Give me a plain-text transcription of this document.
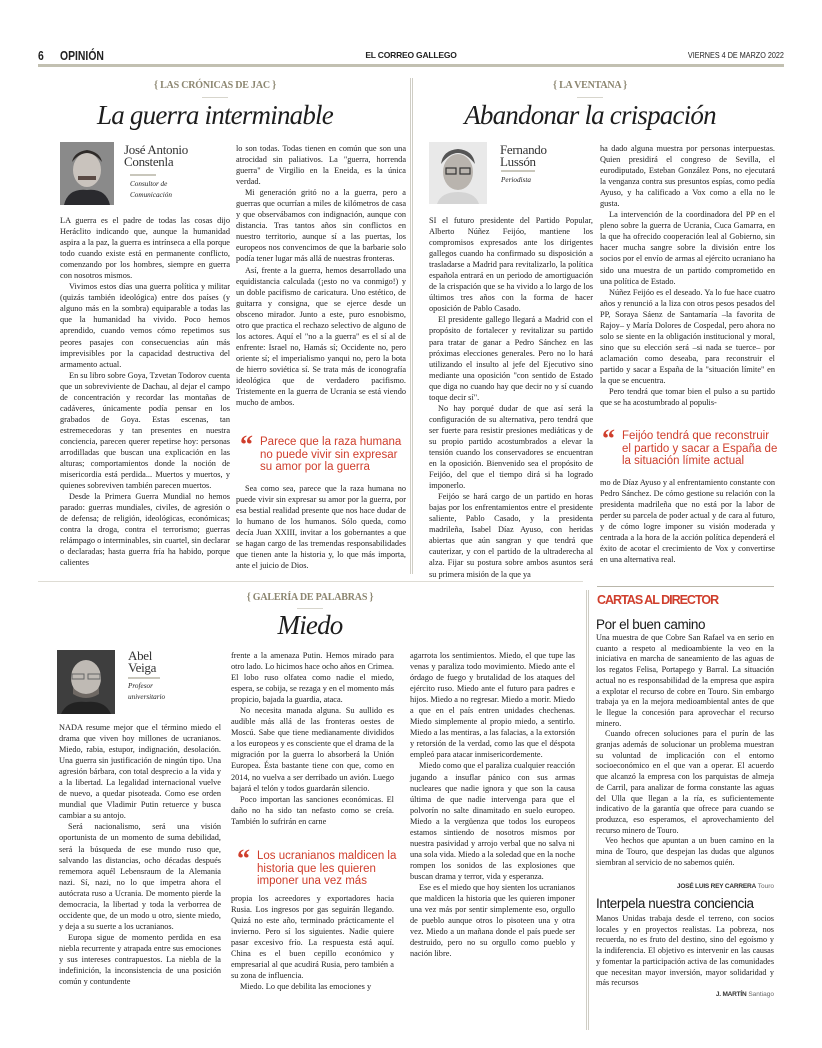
6 OPINIÓN	EL CORREO GALLEGO	VIERNES 4 DE MARZO 2022
{ LAS CRÓNICAS DE JAC }
La guerra interminable
José Antonio
Constenla
Consultor de
Comunicación

LA guerra es el padre de todas las cosas dijo Heráclito indicando que, aunque la humanidad aspira a la paz, la guerra es intrínseca a ella porque todo cuando existe está en permanente conflicto, comenzando por los hombres, siempre en guerra con nosotros mismos.

Vivimos estos días una guerra política y militar (quizás también ideológica) entre dos países (y alguno más en la sombra) equiparable a todas las que la humanidad ha vivido. Poco hemos aprendido, cuando vemos cómo repetimos sus peores pasajes con consecuencias aún más imprevisibles por la capacidad destructiva del armamento actual.

En su libro sobre Goya, Tzvetan Todorov cuenta que un sobreviviente de Dachau, al dejar el campo de concentración y recordar las montañas de cadáveres, únicamente podía pensar en los grabados de Goya. Estas escenas, tan estremecedoras y tan presentes en nuestra conciencia, parecen querer repetirse hoy: personas arrodilladas que buscan una explicación en las alturas; comportamientos donde la noción de misericordia está perdida... Muertos y muertos, y quienes sobreviven también parecen muertos.

Desde la Primera Guerra Mundial no hemos parado: guerras mundiales, civiles, de agresión o de defensa; de religión, ideológicas, económicas; contra la droga, contra el terrorismo; guerras relámpago o interminables, sin cuartel, sin declarar o declaradas; hasta guerra fría ha habido, porque calientes

lo son todas. Todas tienen en común que son una atrocidad sin paliativos. La "guerra, horrenda guerra" de Virgilio en la Eneida, es la única verdad.

Mi generación gritó no a la guerra, pero a guerras que ocurrían a miles de kilómetros de casa y que observábamos con indignación, aunque con distancia. Tras tantos años sin conflictos en nuestro territorio, aunque sí a las puertas, los europeos nos convencimos de que la barbarie solo podía tener lugar más allá de nuestras fronteras.

Así, frente a la guerra, hemos desarrollado una equidistancia calculada (¡esto no va conmigo!) y un doble pacifismo de caricatura. Uno estético, de guitarra y consigna, que se ejerce desde un obsceno mirador. Junto a este, puro esnobismo, otro que practica el rechazo selectivo de alguno de los actores. Aquí el "no a la guerra" es el sí al de enfrente: Israel no, Hamás sí; Occidente no, pero oriente sí; el imperialismo yanqui no, pero la bota de hierro soviética sí. Se trata más de iconografía ideológica que de verdadero pacifismo. Tristemente en la guerra de Ucrania se está viendo mucho de ambos.

“ Parece que la raza humana no puede vivir sin expresar su amor por la guerra

Sea como sea, parece que la raza humana no puede vivir sin expresar su amor por la guerra, por esa bestial realidad presente que nos hace dudar de lo humano de los humanos. Sólo queda, como decía Juan XXIII, invitar a los gobernantes a que se hagan cargo de las tremendas responsabilidades que tienen ante la historia y, lo que más importa, ante el juicio de Dios.

{ LA VENTANA }
Abandonar la crispación
Fernando
Lussón
Periodista

SI el futuro presidente del Partido Popular, Alberto Núñez Feijóo, mantiene los compromisos expresados ante los dirigentes gallegos cuando ha confirmado su disposición a trasladarse a Madrid para revitalizarlo, la política española entrará en un periodo de amortiguación de la crispación que se ha vivido a lo largo de los últimos tres años con la forma de hacer oposición de Pablo Casado.

El presidente gallego llegará a Madrid con el propósito de fortalecer y revitalizar su partido para tratar de ganar a Pedro Sánchez en las próximas elecciones generales. Pero no lo hará utilizando el insulto al jefe del Ejecutivo sino mediante una oposición "con sentido de Estado que diga no cuando hay que decir no y sí cuando toque decir sí".

No hay porqué dudar de que así será la configuración de su alternativa, pero tendrá que ser fuerte para resistir presiones mediáticas y de su propio partido acostumbrados a elevar la tensión cuando los conservadores se encuentran en la oposición. Bienvenido sea el propósito de Feijóo, del que el tiempo dirá si ha logrado imponerlo.

Feijóo se hará cargo de un partido en horas bajas por los enfrentamientos entre el presidente saliente, Pablo Casado, y la presidenta madrileña, Isabel Díaz Ayuso, con heridas abiertas que aún sangran y que tendrá que cauterizar, y con el partido de la ultraderecha al alza. Fijar su postura sobre ambos asuntos será su primera misión de la que ya

ha dado alguna muestra por personas interpuestas. Quien presidirá el congreso de Sevilla, el eurodiputado, Esteban González Pons, no ejecutará la venganza contra sus presuntos espías, como pedía Ayuso, y ha calificado a Vox como a ella no le gusta.

La intervención de la coordinadora del PP en el pleno sobre la guerra de Ucrania, Cuca Gamarra, en la que ha ofrecido cooperación leal al Gobierno, sin hacer mucha sangre sobre la división entre los socios por el envío de armas al ejército ucraniano ha sido una muestra de un partido comprometido en una política de Estado.

Núñez Feijóo es el deseado. Ya lo fue hace cuatro años y renunció a la liza con otros pesos pesados del PP, Soraya Sáenz de Santamaría –la favorita de Rajoy– y María Dolores de Cospedal, pero ahora no solo se siente en la obligación institucional y moral, sino que su elección será –si nada se tuerce– por aclamación como deseaba, para reconstruir el partido y sacar a España de la "situación límite" en la que se encuentra.

Pero tendrá que tomar bien el pulso a su partido que se ha acostumbrado al populis-

“ Feijóo tendrá que reconstruir el partido y sacar a España de la situación límite actual

mo de Díaz Ayuso y al enfrentamiento constante con Pedro Sánchez. De cómo gestione su relación con la presidenta madrileña que no está por la labor de perder su parcela de poder actual y de cara al futuro, y de cómo logre imponer su visión moderada y centrada a la hora de la acción política dependerá el éxito de acotar el crecimiento de Vox y convertirse en una alternativa real.

{ GALERÍA DE PALABRAS }
Miedo
Abel
Veiga
Profesor
universitario

NADA resume mejor que el término miedo el drama que viven hoy millones de ucranianos. Miedo, rabia, estupor, indignación, desolación. Una guerra sin justificación de ningún tipo. Una agresión bárbara, con total desprecio a la vida y a la libertad. La legalidad internacional vuelve de nuevo, a quedar pisoteada. Como ese orden mundial que Vladimir Putin retuerce y busca cambiar a su antojo.

Será nacionalismo, será una visión oportunista de un momento de suma debilidad, será la búsqueda de ese mundo ruso que, salvando las distancias, ocho décadas después rememora aquél Lebensraum de la Alemania nazi. Sí, nazi, no lo que impetra ahora el autócrata ruso a Ucrania. De momento pierde la democracia, la libertad y toda la verborrea de occidente que, de un modo u otro, siente miedo, y deja a su suerte a los ucranianos.

Europa sigue de momento perdida en esa niebla recurrente y atrapada entre sus emociones y sus intereses contrapuestos. La niebla de la indefinición, la inconsistencia de una posición común y contundente

frente a la amenaza Putin. Hemos mirado para otro lado. Lo hicimos hace ocho años en Crimea. El lobo ruso olfatea como nadie el miedo, espera, se cobija, se rezaga y en el momento más propicio, bajada la guardia, ataca.

No necesita manada alguna. Su aullido es audible más allá de las fronteras oestes de Moscú. Sabe que tiene medianamente divididos a los europeos y es consciente que el drama de la migración por la guerra lo absorberá la Unión Europea. Ésta bastante tiene con que, como en 2014, no vuelva a ser derribado un avión. Luego bajará el telón y todos guardarán silencio.

Poco importan las sanciones económicas. El daño no ha sido tan nefasto como se creía. También lo sufrirán en carne

“ Los ucranianos maldicen la historia que les quieren imponer una vez más

propia los acreedores y exportadores hacia Rusia. Los ingresos por gas seguirán llegando. Quizá no este año, terminado prácticamente el invierno. Pero sí los siguientes. Nadie quiere pasar excesivo frío. La respuesta está aquí. China es el buen cepillo económico y empresarial al que acudirá Rusia, pero también a su zona de influencia.

Miedo. Lo que debilita las emociones y

agarrota los sentimientos. Miedo, el que tupe las venas y paraliza todo movimiento. Miedo ante el órdago de fuego y brutalidad de los ataques del ejército ruso. Miedo ante el futuro para padres e hijos. Miedo a no regresar. Miedo a morir. Miedo a que en el país entren unidades chechenas. Miedo simplemente al propio miedo, a sentirlo. Miedo a las mentiras, a las falacias, a la extorsión y retorsión de la verdad, como las que el déspota empleó para atacar inmisericordemente.

Miedo como que el paraliza cualquier reacción jugando a insuflar pánico con sus armas nucleares que nadie ignora y que son la causa última de que nadie intervenga para que el polvorín no salte dinamitado en suelo europeo. Miedo a la vergüenza que todos los europeos estamos sintiendo de nosotros mismos por nuestra pasividad y arrojo verbal que no salva ni una sola vida. Miedo a la soledad que en la noche rompen los sonidos de las explosiones que buscan drama y terror, vida y esperanza.

Ese es el miedo que hoy sienten los ucranianos que maldicen la historia que les quieren imponer una vez más por sentir simplemente eso, orgullo de pueblo aunque otros lo pisoteen una y otra vez. Miedo a un mañana donde el país puede ser destruido, pero no su orgullo como pueblo y nación libre.

CARTAS AL DIRECTOR
Por el buen camino

Una muestra de que Cobre San Rafael va en serio en cuanto a respeto al medioambiente la veo en la iniciativa en marcha de saneamiento de las aguas de los regatos Felisa, Portapego y Barral. La situación actual no es responsabilidad de la empresa que aspira a explotar el recurso de cobre en Touro. Sin embargo trabaja ya en la mejora medioambiental antes de que le llegue la concesión para aprovechar el recurso minero.

Cuando ofrecen soluciones para el purín de las granjas además de solucionar un problema muestran su voluntad de implicación con el entorno socioeconómico en el que van a operar. El acuerdo que alcanzó la empresa con los parquistas de almeja de Carril, para analizar de forma constante las aguas del Ulla que llegan a la ría, es suficientemente indicativo de la garantía que ofrece para cuando se produzca, eso esperamos, el aprovechamiento del recurso minero de Touro.

Veo hechos que apuntan a un buen camino en la mina de Touro, que despejan las dudas que algunos siembran al servicio de no sabemos quién.

JOSÉ LUIS REY CARRERA Touro
Interpela nuestra conciencia

Manos Unidas trabaja desde el terreno, con socios locales y en proyectos realistas. La pobreza, nos recuerda, no es fruto del destino, sino del egoísmo y la indiferencia. El objetivo es intervenir en las causas y fomentar la participación activa de las comunidades que necesitan mayor inversión, mayor solidaridad y más recursos

J. MARTÍN Santiago
